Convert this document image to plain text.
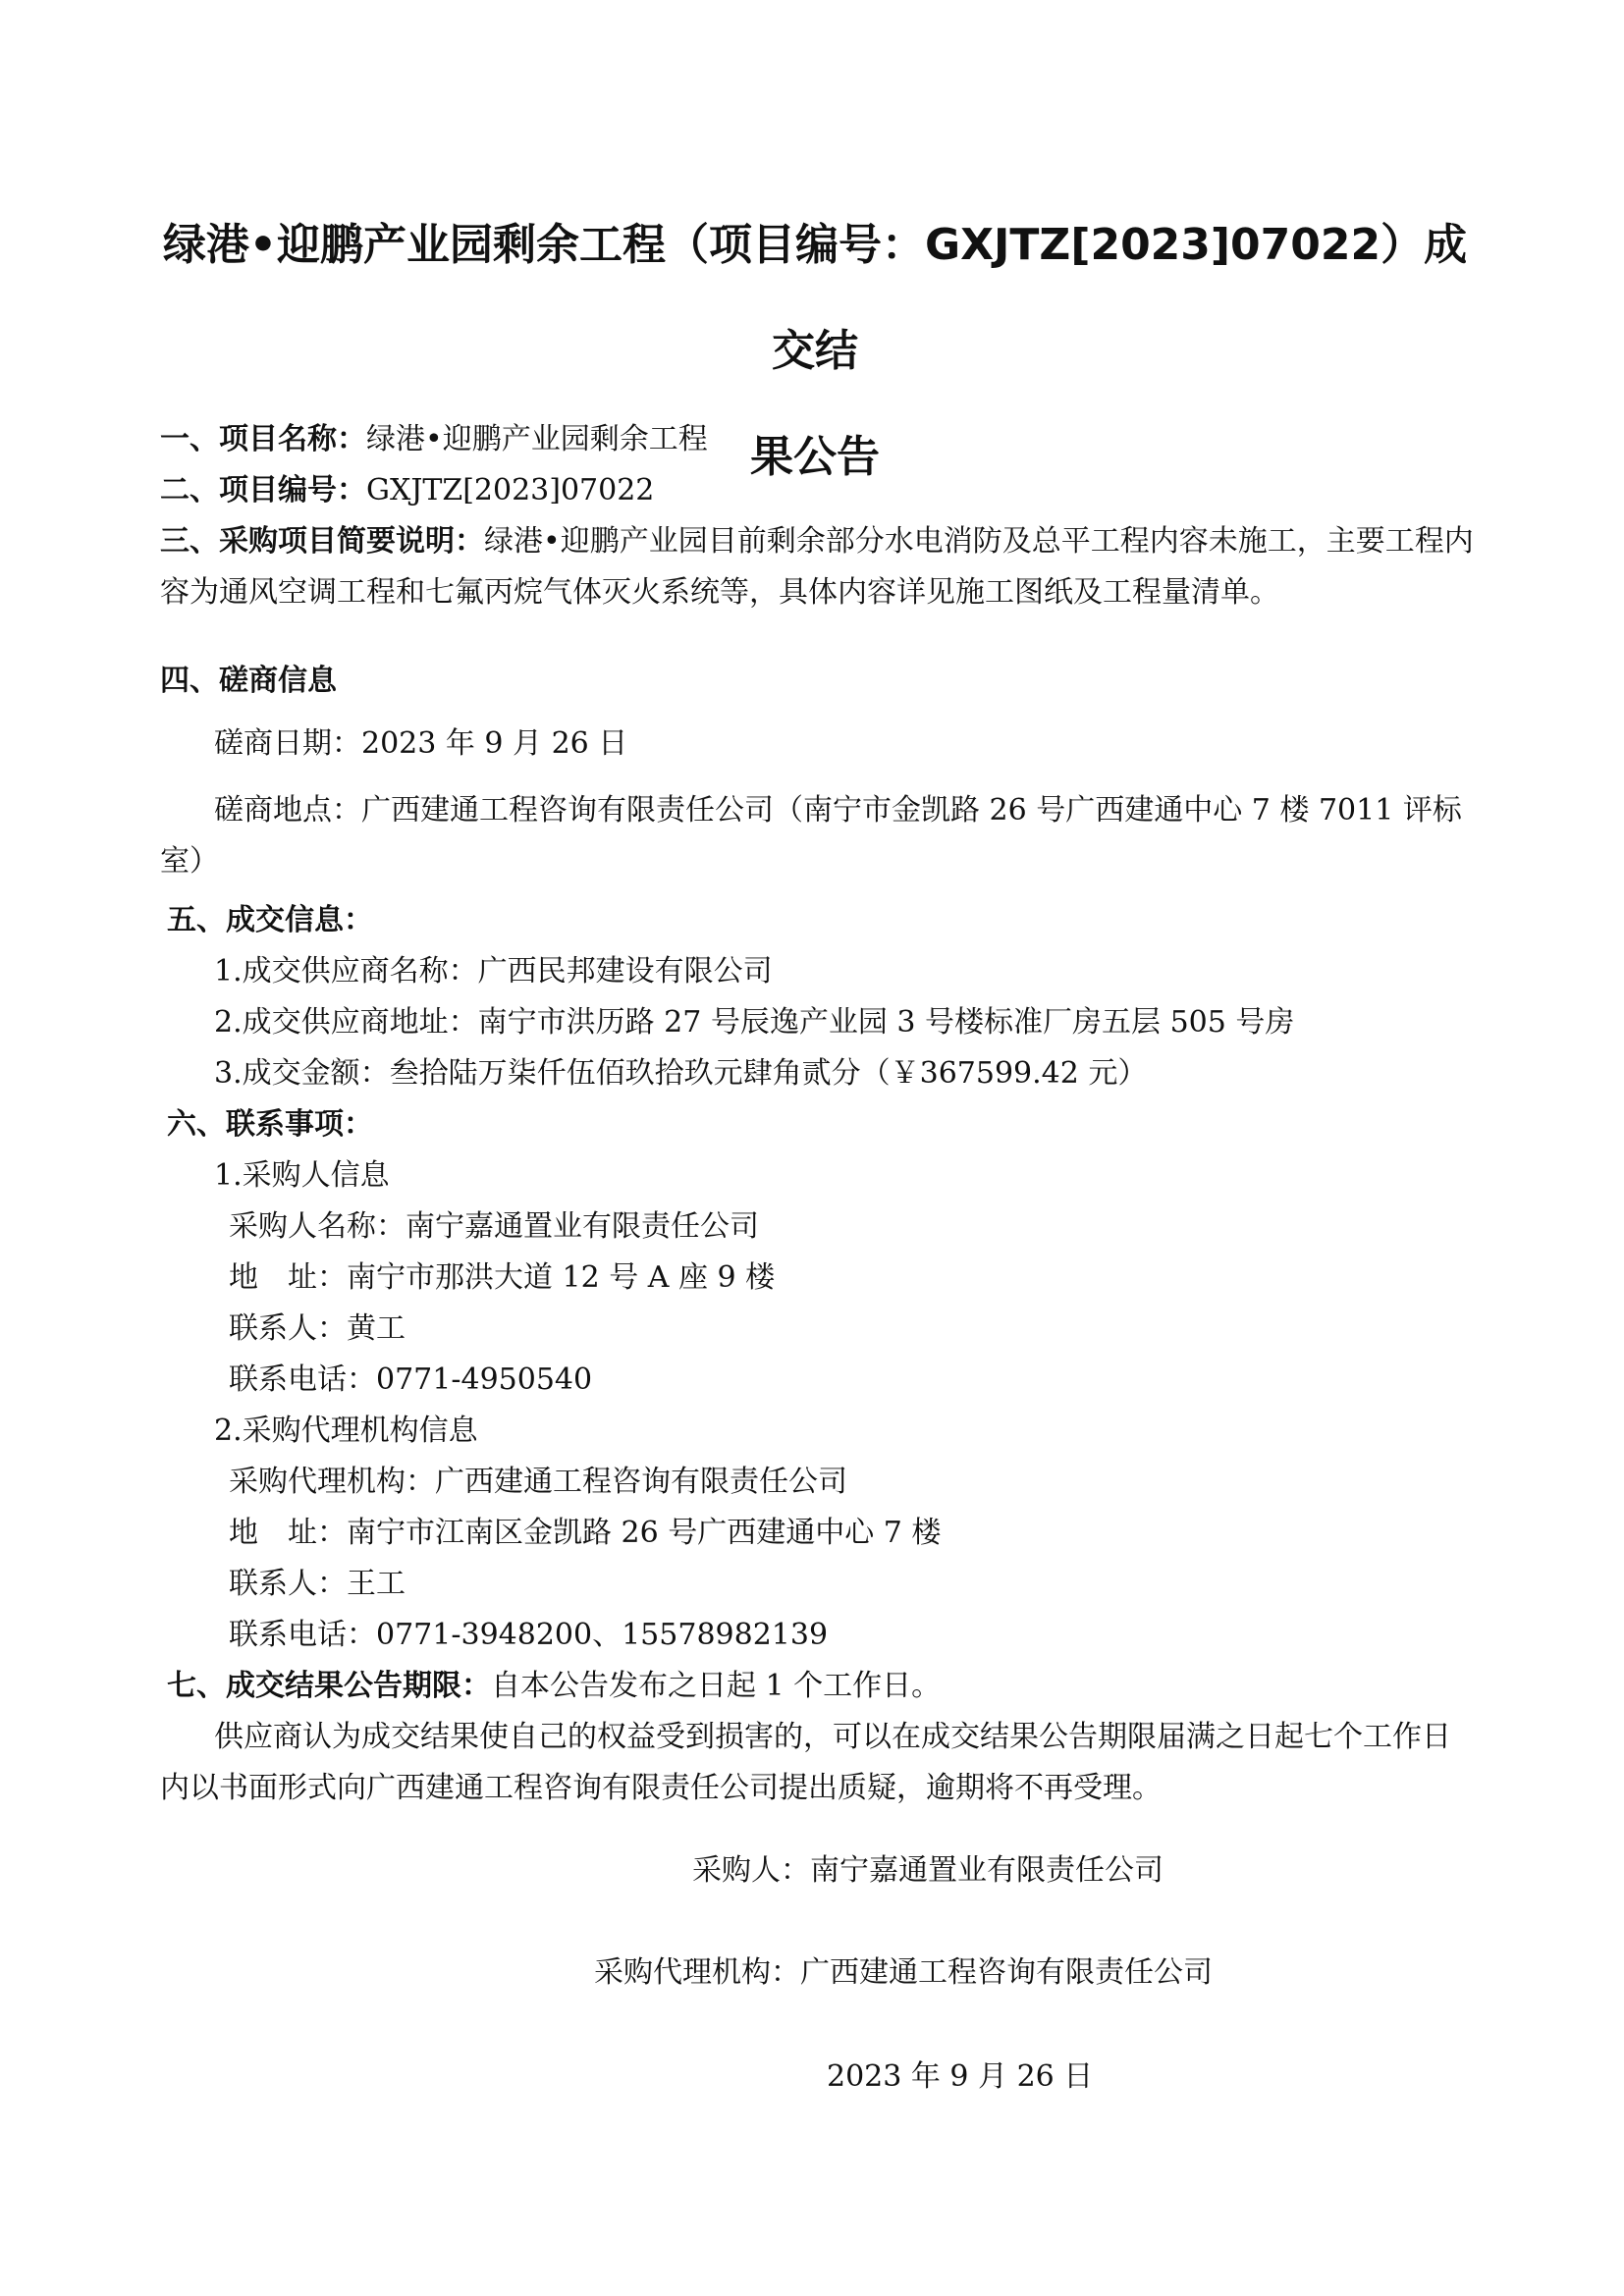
绿港•迎鹏产业园剩余工程（项目编号：GXJTZ[2023]07022）成交结
果公告
一、项目名称：绿港•迎鹏产业园剩余工程
二、项目编号：GXJTZ[2023]07022
三、采购项目简要说明：绿港•迎鹏产业园目前剩余部分水电消防及总平工程内容未施工，主要工程内容为通风空调工程和七氟丙烷气体灭火系统等，具体内容详见施工图纸及工程量清单。
四、磋商信息
磋商日期：2023 年 9 月 26 日
磋商地点：广西建通工程咨询有限责任公司（南宁市金凯路 26 号广西建通中心 7 楼 7011 评标室）
五、成交信息：
1.成交供应商名称：广西民邦建设有限公司
2.成交供应商地址：南宁市洪历路 27 号辰逸产业园 3 号楼标准厂房五层 505 号房
3.成交金额：叁拾陆万柒仟伍佰玖拾玖元肆角贰分（￥367599.42 元）
六、联系事项：
1.采购人信息
采购人名称：南宁嘉通置业有限责任公司
地　址：南宁市那洪大道 12 号 A 座 9 楼
联系人：黄工
联系电话：0771-4950540
2.采购代理机构信息
采购代理机构：广西建通工程咨询有限责任公司
地　址：南宁市江南区金凯路 26 号广西建通中心 7 楼
联系人：王工
联系电话：0771-3948200、15578982139
七、成交结果公告期限：自本公告发布之日起 1 个工作日。
供应商认为成交结果使自己的权益受到损害的，可以在成交结果公告期限届满之日起七个工作日内以书面形式向广西建通工程咨询有限责任公司提出质疑，逾期将不再受理。
采购人：南宁嘉通置业有限责任公司
采购代理机构：广西建通工程咨询有限责任公司
2023 年 9 月 26 日
